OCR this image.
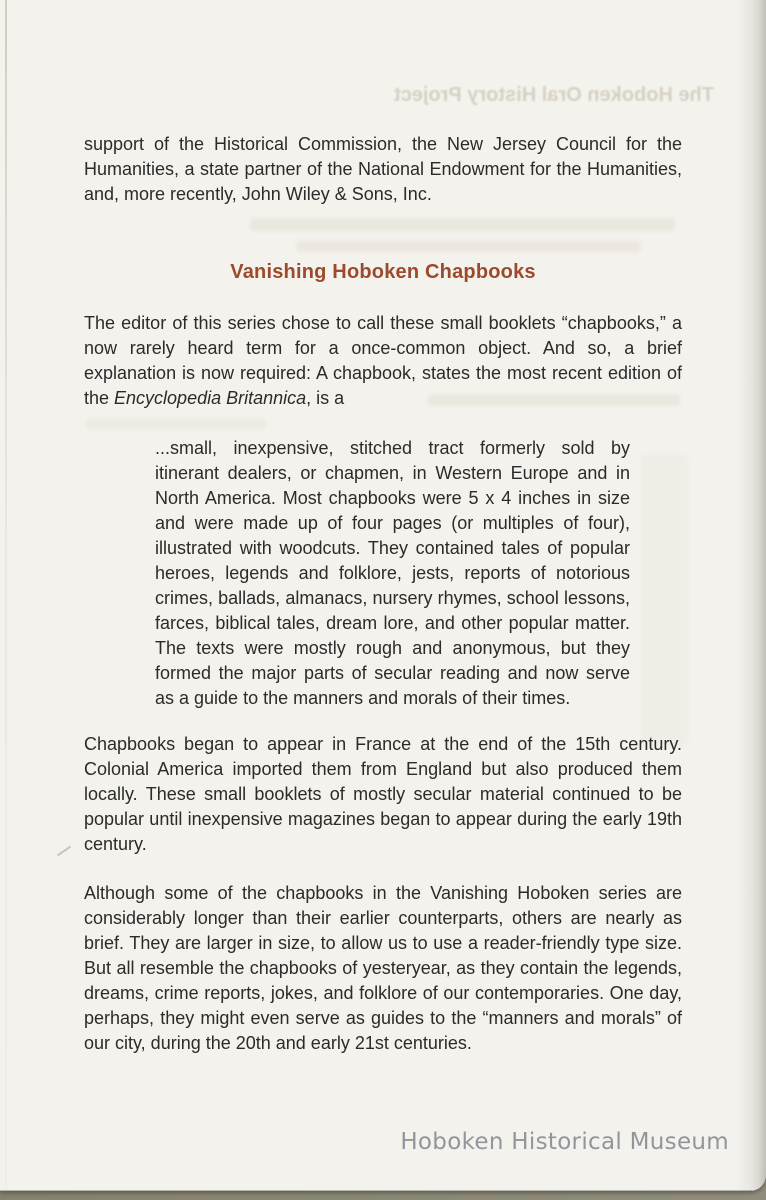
The Hoboken Oral History Project

support of the Historical Commission, the New Jersey Council for the Humanities, a state partner of the National Endowment for the Humanities, and, more recently, John Wiley & Sons, Inc.

Vanishing Hoboken Chapbooks

The editor of this series chose to call these small booklets “chapbooks,” a now rarely heard term for a once-common object. And so, a brief explanation is now required: A chapbook, states the most recent edition of the Encyclopedia Britannica, is a

...small, inexpensive, stitched tract formerly sold by itinerant dealers, or chapmen, in Western Europe and in North America. Most chapbooks were 5 x 4 inches in size and were made up of four pages (or multiples of four), illustrated with woodcuts. They contained tales of popular heroes, legends and folklore, jests, reports of notorious crimes, ballads, almanacs, nursery rhymes, school lessons, farces, biblical tales, dream lore, and other popular matter. The texts were mostly rough and anonymous, but they formed the major parts of secular reading and now serve as a guide to the manners and morals of their times.

Chapbooks began to appear in France at the end of the 15th century. Colonial America imported them from England but also produced them locally. These small booklets of mostly secular material continued to be popular until inexpensive magazines began to appear during the early 19th century.

Although some of the chapbooks in the Vanishing Hoboken series are considerably longer than their earlier counterparts, others are nearly as brief. They are larger in size, to allow us to use a reader-friendly type size. But all resemble the chapbooks of yesteryear, as they contain the legends, dreams, crime reports, jokes, and folklore of our contemporaries. One day, perhaps, they might even serve as guides to the “manners and morals” of our city, during the 20th and early 21st centuries.

Hoboken Historical Museum
